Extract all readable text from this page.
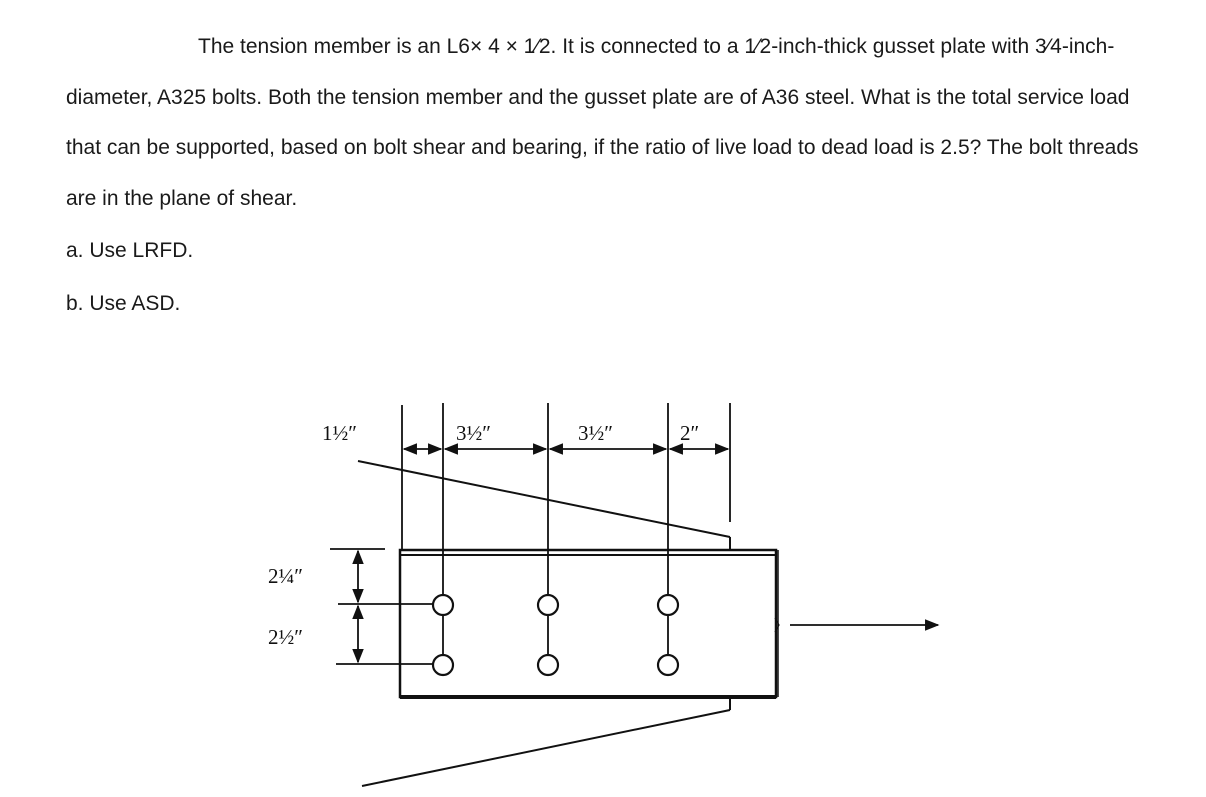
The tension member is an L6× 4 × 1⁄2. It is connected to a 1⁄2-inch-thick gusset plate with 3⁄4-inch-diameter, A325 bolts. Both the tension member and the gusset plate are of A36 steel. What is the total service load that can be supported, based on bolt shear and bearing, if the ratio of live load to dead load is 2.5? The bolt threads are in the plane of shear.

a. Use LRFD.

b. Use ASD.

1½″	3½″	3½″	2″
2¼″
2½″
